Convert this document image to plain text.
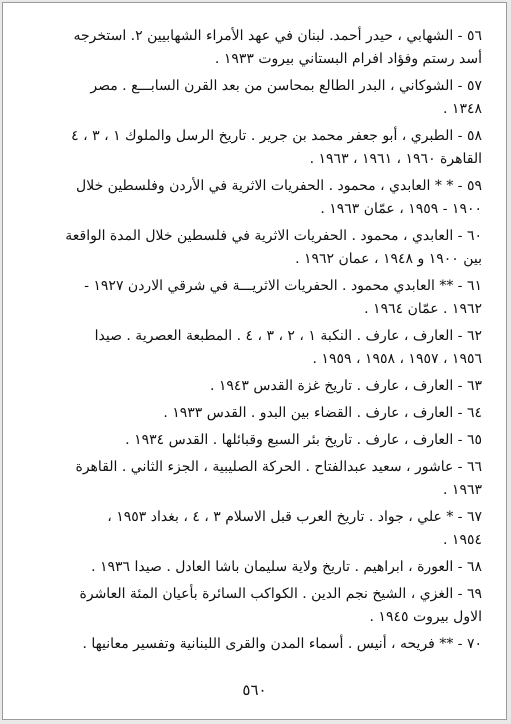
٥٦ - الشهابي ، حيدر أحمد. لبنان في عهد الأمراء الشهابيين ٢. استخرجه

أسد رستم وفؤاد افرام البستاني بيروت ١٩٣٣ .

٥٧ - الشوكاني ، البدر الطالع بمحاسن من بعد القرن السابـــع . مصر

١٣٤٨ .

٥٨ - الطبري ، أبو جعفر محمد بن جرير . تاريخ الرسل والملوك ١ ، ٣ ، ٤

القاهرة ١٩٦٠ ، ١٩٦١ ، ١٩٦٣ .

٥٩ - * * العابدي ، محمود . الحفريات الاثرية في الأردن وفلسطين خلال

١٩٠٠ - ١٩٥٩ ، عمّان ١٩٦٣ .

٦٠ - العابدي ، محمود . الحفريات الاثرية في فلسطين خلال المدة الواقعة

بين ١٩٠٠ و ١٩٤٨ ، عمان ١٩٦٢ .

٦١ - ** العابدي محمود . الحفريات الاثريـــة في شرقي الاردن ١٩٢٧ -

١٩٦٢ . عمّان ١٩٦٤ .

٦٢ - العارف ، عارف . النكبة ١ ، ٢ ، ٣ ، ٤ . المطبعة العصرية . صيدا

١٩٥٦ ، ١٩٥٧ ، ١٩٥٨ ، ١٩٥٩ .

٦٣ - العارف ، عارف . تاريخ غزة القدس ١٩٤٣ .

٦٤ - العارف ، عارف . القضاء بين البدو . القدس ١٩٣٣ .

٦٥ - العارف ، عارف . تاريخ بئر السبع وقبائلها . القدس ١٩٣٤ .

٦٦ - عاشور ، سعيد عبدالفتاح . الحركة الصليبية ، الجزء الثاني . القاهرة

١٩٦٣ .

٦٧ - * علي ، جواد . تاريخ العرب قبل الاسلام ٣ ، ٤ ، بغداد ١٩٥٣ ،

١٩٥٤ .

٦٨ - العورة ، ابراهيم . تاريخ ولاية سليمان باشا العادل . صيدا ١٩٣٦ .

٦٩ - الغزي ، الشيخ نجم الدين . الكواكب السائرة بأعيان المئة العاشرة

الاول بيروت ١٩٤٥ .

٧٠ - ** فريحه ، أنيس . أسماء المدن والقرى اللبنانية وتفسير معانيها .

٥٦٠
